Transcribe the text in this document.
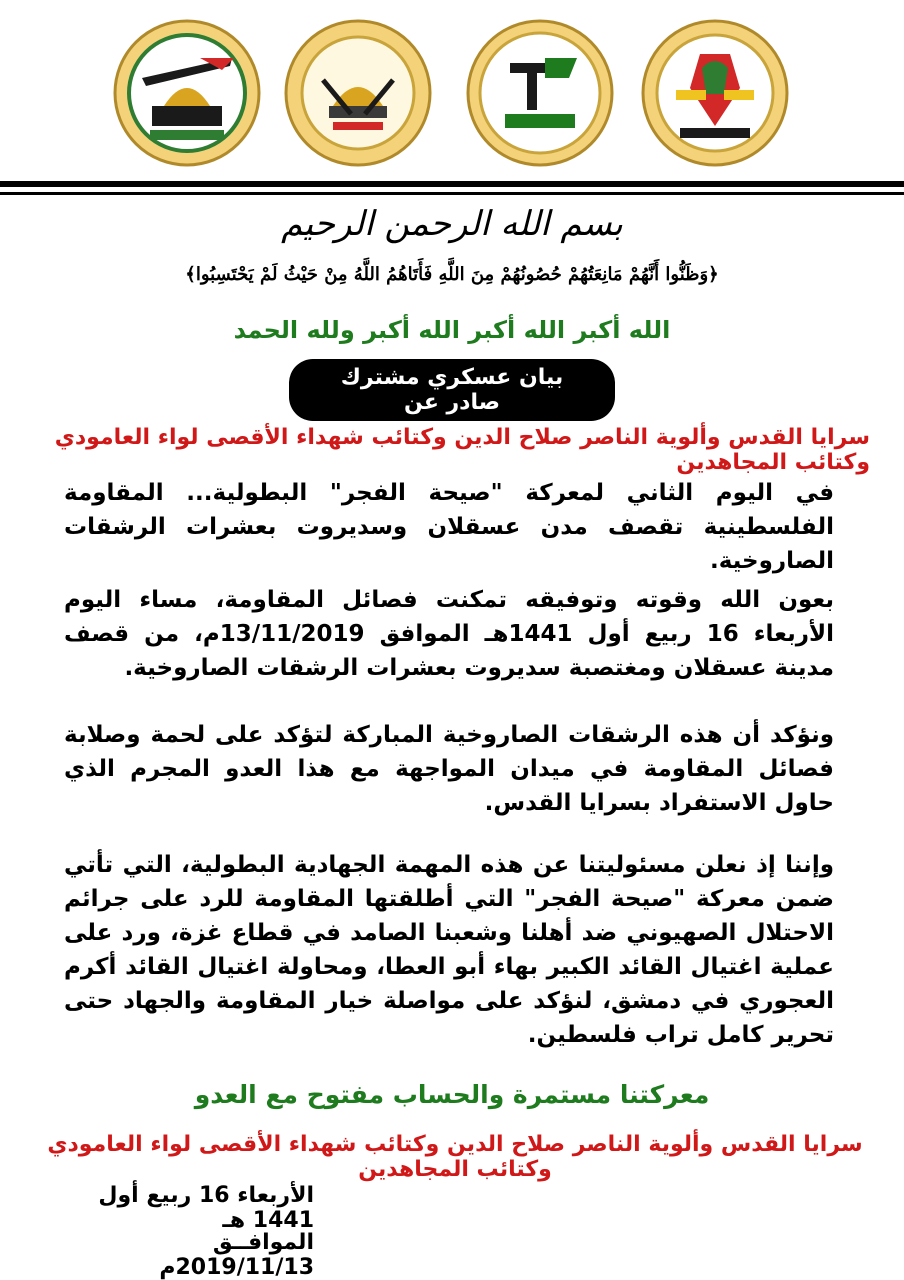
بسم الله الرحمن الرحيم
﴿وَظَنُّوا أَنَّهُمْ مَانِعَتُهُمْ حُصُونُهُمْ مِنَ اللَّهِ فَأَتَاهُمُ اللَّهُ مِنْ حَيْثُ لَمْ يَحْتَسِبُوا﴾
الله أكبر الله أكبر الله أكبر ولله الحمد
بيان عسكري مشترك صادر عن
سرايا القدس وألوية الناصر صلاح الدين وكتائب شهداء الأقصى لواء العامودي وكتائب المجاهدين
في اليوم الثاني لمعركة "صيحة الفجر" البطولية... المقاومة الفلسطينية تقصف مدن عسقلان وسديروت بعشرات الرشقات الصاروخية.
بعون الله وقوته وتوفيقه تمكنت فصائل المقاومة، مساء اليوم الأربعاء 16 ربيع أول 1441هـ الموافق 13/11/2019م، من قصف مدينة عسقلان ومغتصبة سديروت بعشرات الرشقات الصاروخية.
ونؤكد أن هذه الرشقات الصاروخية المباركة لتؤكد على لحمة وصلابة فصائل المقاومة في ميدان المواجهة مع هذا العدو المجرم الذي حاول الاستفراد بسرايا القدس.
وإننا إذ نعلن مسئوليتنا عن هذه المهمة الجهادية البطولية، التي تأتي ضمن معركة "صيحة الفجر" التي أطلقتها المقاومة للرد على جرائم الاحتلال الصهيوني ضد أهلنا وشعبنا الصامد في قطاع غزة، ورد على عملية اغتيال القائد الكبير بهاء أبو العطا، ومحاولة اغتيال القائد أكرم العجوري في دمشق، لنؤكد على مواصلة خيار المقاومة والجهاد حتى تحرير كامل تراب فلسطين.
معركتنا مستمرة والحساب مفتوح مع العدو
سرايا القدس وألوية الناصر صلاح الدين وكتائب شهداء الأقصى لواء العامودي وكتائب المجاهدين
الأربعاء 16 ربيع أول 1441 هـ
الموافــق 2019/11/13م
